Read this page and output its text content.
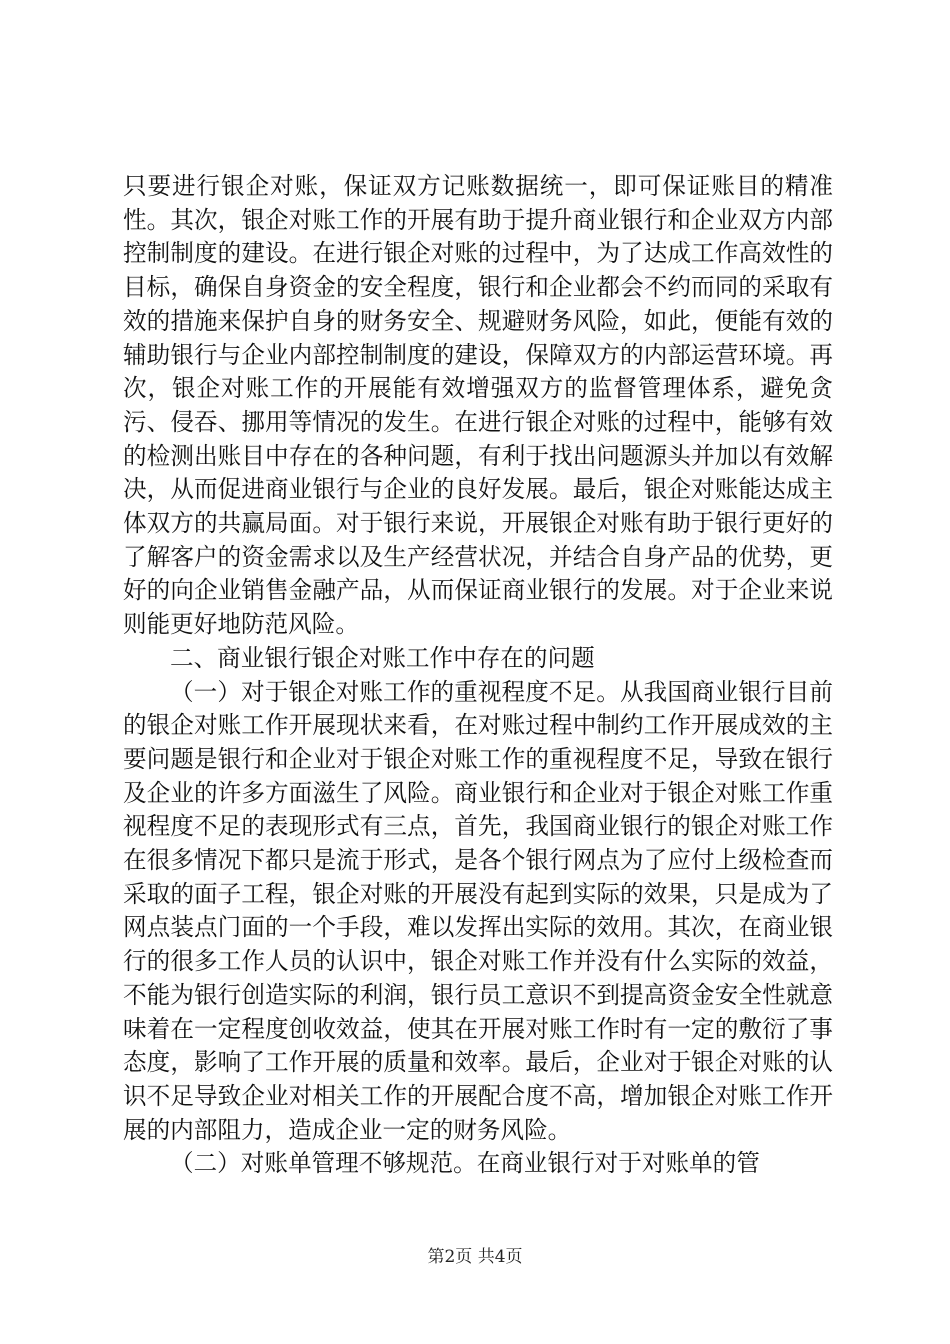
只要进行银企对账，保证双方记账数据统一，即可保证账目的精准性。其次，银企对账工作的开展有助于提升商业银行和企业双方内部控制制度的建设。在进行银企对账的过程中，为了达成工作高效性的目标，确保自身资金的安全程度，银行和企业都会不约而同的采取有效的措施来保护自身的财务安全、规避财务风险，如此，便能有效的辅助银行与企业内部控制制度的建设，保障双方的内部运营环境。再次，银企对账工作的开展能有效增强双方的监督管理体系，避免贪污、侵吞、挪用等情况的发生。在进行银企对账的过程中，能够有效的检测出账目中存在的各种问题，有利于找出问题源头并加以有效解决，从而促进商业银行与企业的良好发展。最后，银企对账能达成主体双方的共赢局面。对于银行来说，开展银企对账有助于银行更好的了解客户的资金需求以及生产经营状况，并结合自身产品的优势，更好的向企业销售金融产品，从而保证商业银行的发展。对于企业来说则能更好地防范风险。

二、商业银行银企对账工作中存在的问题

（一）对于银企对账工作的重视程度不足。从我国商业银行目前的银企对账工作开展现状来看，在对账过程中制约工作开展成效的主要问题是银行和企业对于银企对账工作的重视程度不足，导致在银行及企业的许多方面滋生了风险。商业银行和企业对于银企对账工作重视程度不足的表现形式有三点，首先，我国商业银行的银企对账工作在很多情况下都只是流于形式，是各个银行网点为了应付上级检查而采取的面子工程，银企对账的开展没有起到实际的效果，只是成为了网点装点门面的一个手段，难以发挥出实际的效用。其次，在商业银行的很多工作人员的认识中，银企对账工作并没有什么实际的效益，不能为银行创造实际的利润，银行员工意识不到提高资金安全性就意味着在一定程度创收效益，使其在开展对账工作时有一定的敷衍了事态度，影响了工作开展的质量和效率。最后，企业对于银企对账的认识不足导致企业对相关工作的开展配合度不高，增加银企对账工作开展的内部阻力，造成企业一定的财务风险。

（二）对账单管理不够规范。在商业银行对于对账单的管

第2页 共4页
